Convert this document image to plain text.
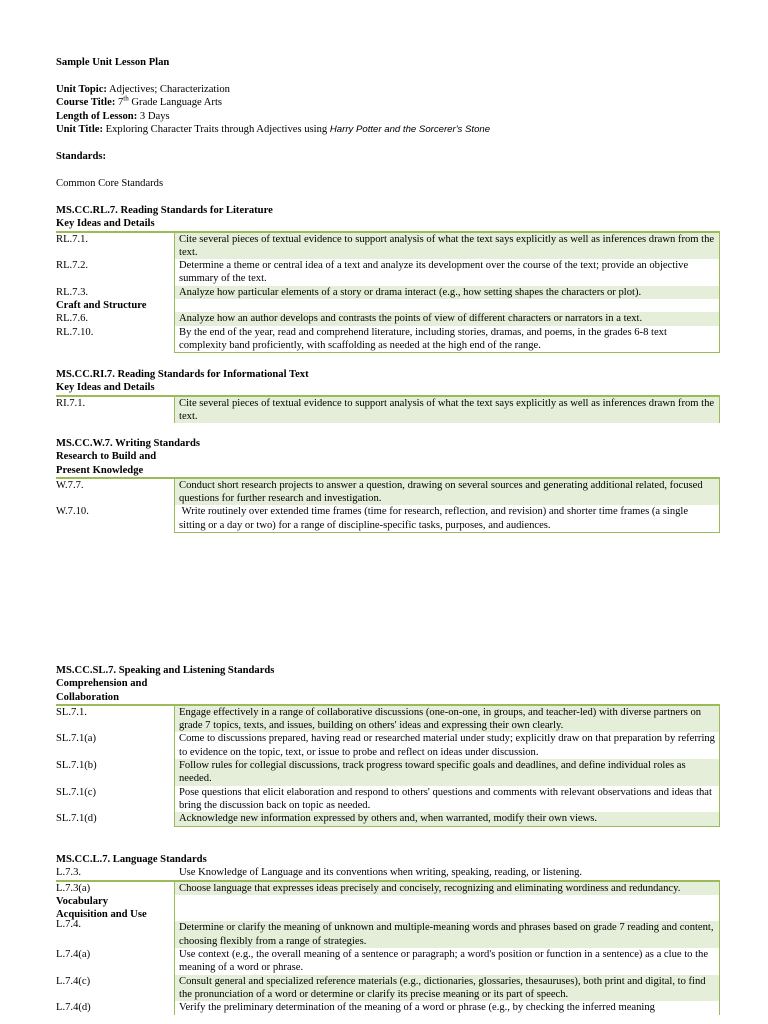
Sample Unit Lesson Plan
Unit Topic: Adjectives; Characterization
Course Title: 7th Grade Language Arts
Length of Lesson: 3 Days
Unit Title: Exploring Character Traits through Adjectives using Harry Potter and the Sorcerer's Stone
Standards:
Common Core Standards
MS.CC.RL.7. Reading Standards for Literature
Key Ideas and Details
RL.7.1.	Cite several pieces of textual evidence to support analysis of what the text says explicitly as well as inferences drawn from the text.
RL.7.2.	Determine a theme or central idea of a text and analyze its development over the course of the text; provide an objective summary of the text.
RL.7.3.	Analyze how particular elements of a story or drama interact (e.g., how setting shapes the characters or plot).
Craft and Structure	
RL.7.6.	Analyze how an author develops and contrasts the points of view of different characters or narrators in a text.
RL.7.10.	By the end of the year, read and comprehend literature, including stories, dramas, and poems, in the grades 6-8 text complexity band proficiently, with scaffolding as needed at the high end of the range.
MS.CC.RI.7. Reading Standards for Informational Text
Key Ideas and Details
RI.7.1.	Cite several pieces of textual evidence to support analysis of what the text says explicitly as well as inferences drawn from the text.
MS.CC.W.7. Writing Standards
Research to Build and
Present Knowledge
W.7.7.	Conduct short research projects to answer a question, drawing on several sources and generating additional related, focused questions for further research and investigation.
W.7.10.	Write routinely over extended time frames (time for research, reflection, and revision) and shorter time frames (a single sitting or a day or two) for a range of discipline-specific tasks, purposes, and audiences.
MS.CC.SL.7. Speaking and Listening Standards
Comprehension and
Collaboration
SL.7.1.	Engage effectively in a range of collaborative discussions (one-on-one, in groups, and teacher-led) with diverse partners on grade 7 topics, texts, and issues, building on others' ideas and expressing their own clearly.
SL.7.1(a)	Come to discussions prepared, having read or researched material under study; explicitly draw on that preparation by referring to evidence on the topic, text, or issue to probe and reflect on ideas under discussion.
SL.7.1(b)	Follow rules for collegial discussions, track progress toward specific goals and deadlines, and define individual roles as needed.
SL.7.1(c)	Pose questions that elicit elaboration and respond to others' questions and comments with relevant observations and ideas that bring the discussion back on topic as needed.
SL.7.1(d)	Acknowledge new information expressed by others and, when warranted, modify their own views.
MS.CC.L.7. Language Standards
L.7.3.	Use Knowledge of Language and its conventions when writing, speaking, reading, or listening.
L.7.3(a)	Choose language that expresses ideas precisely and concisely, recognizing and eliminating wordiness and redundancy.
Vocabulary	
Acquisition and Use	
L.7.4.	Determine or clarify the meaning of unknown and multiple-meaning words and phrases based on grade 7 reading and content, choosing flexibly from a range of strategies.
L.7.4(a)	Use context (e.g., the overall meaning of a sentence or paragraph; a word's position or function in a sentence) as a clue to the meaning of a word or phrase.
L.7.4(c)	Consult general and specialized reference materials (e.g., dictionaries, glossaries, thesauruses), both print and digital, to find the pronunciation of a word or determine or clarify its precise meaning or its part of speech.
L.7.4(d)	Verify the preliminary determination of the meaning of a word or phrase (e.g., by checking the inferred meaning
